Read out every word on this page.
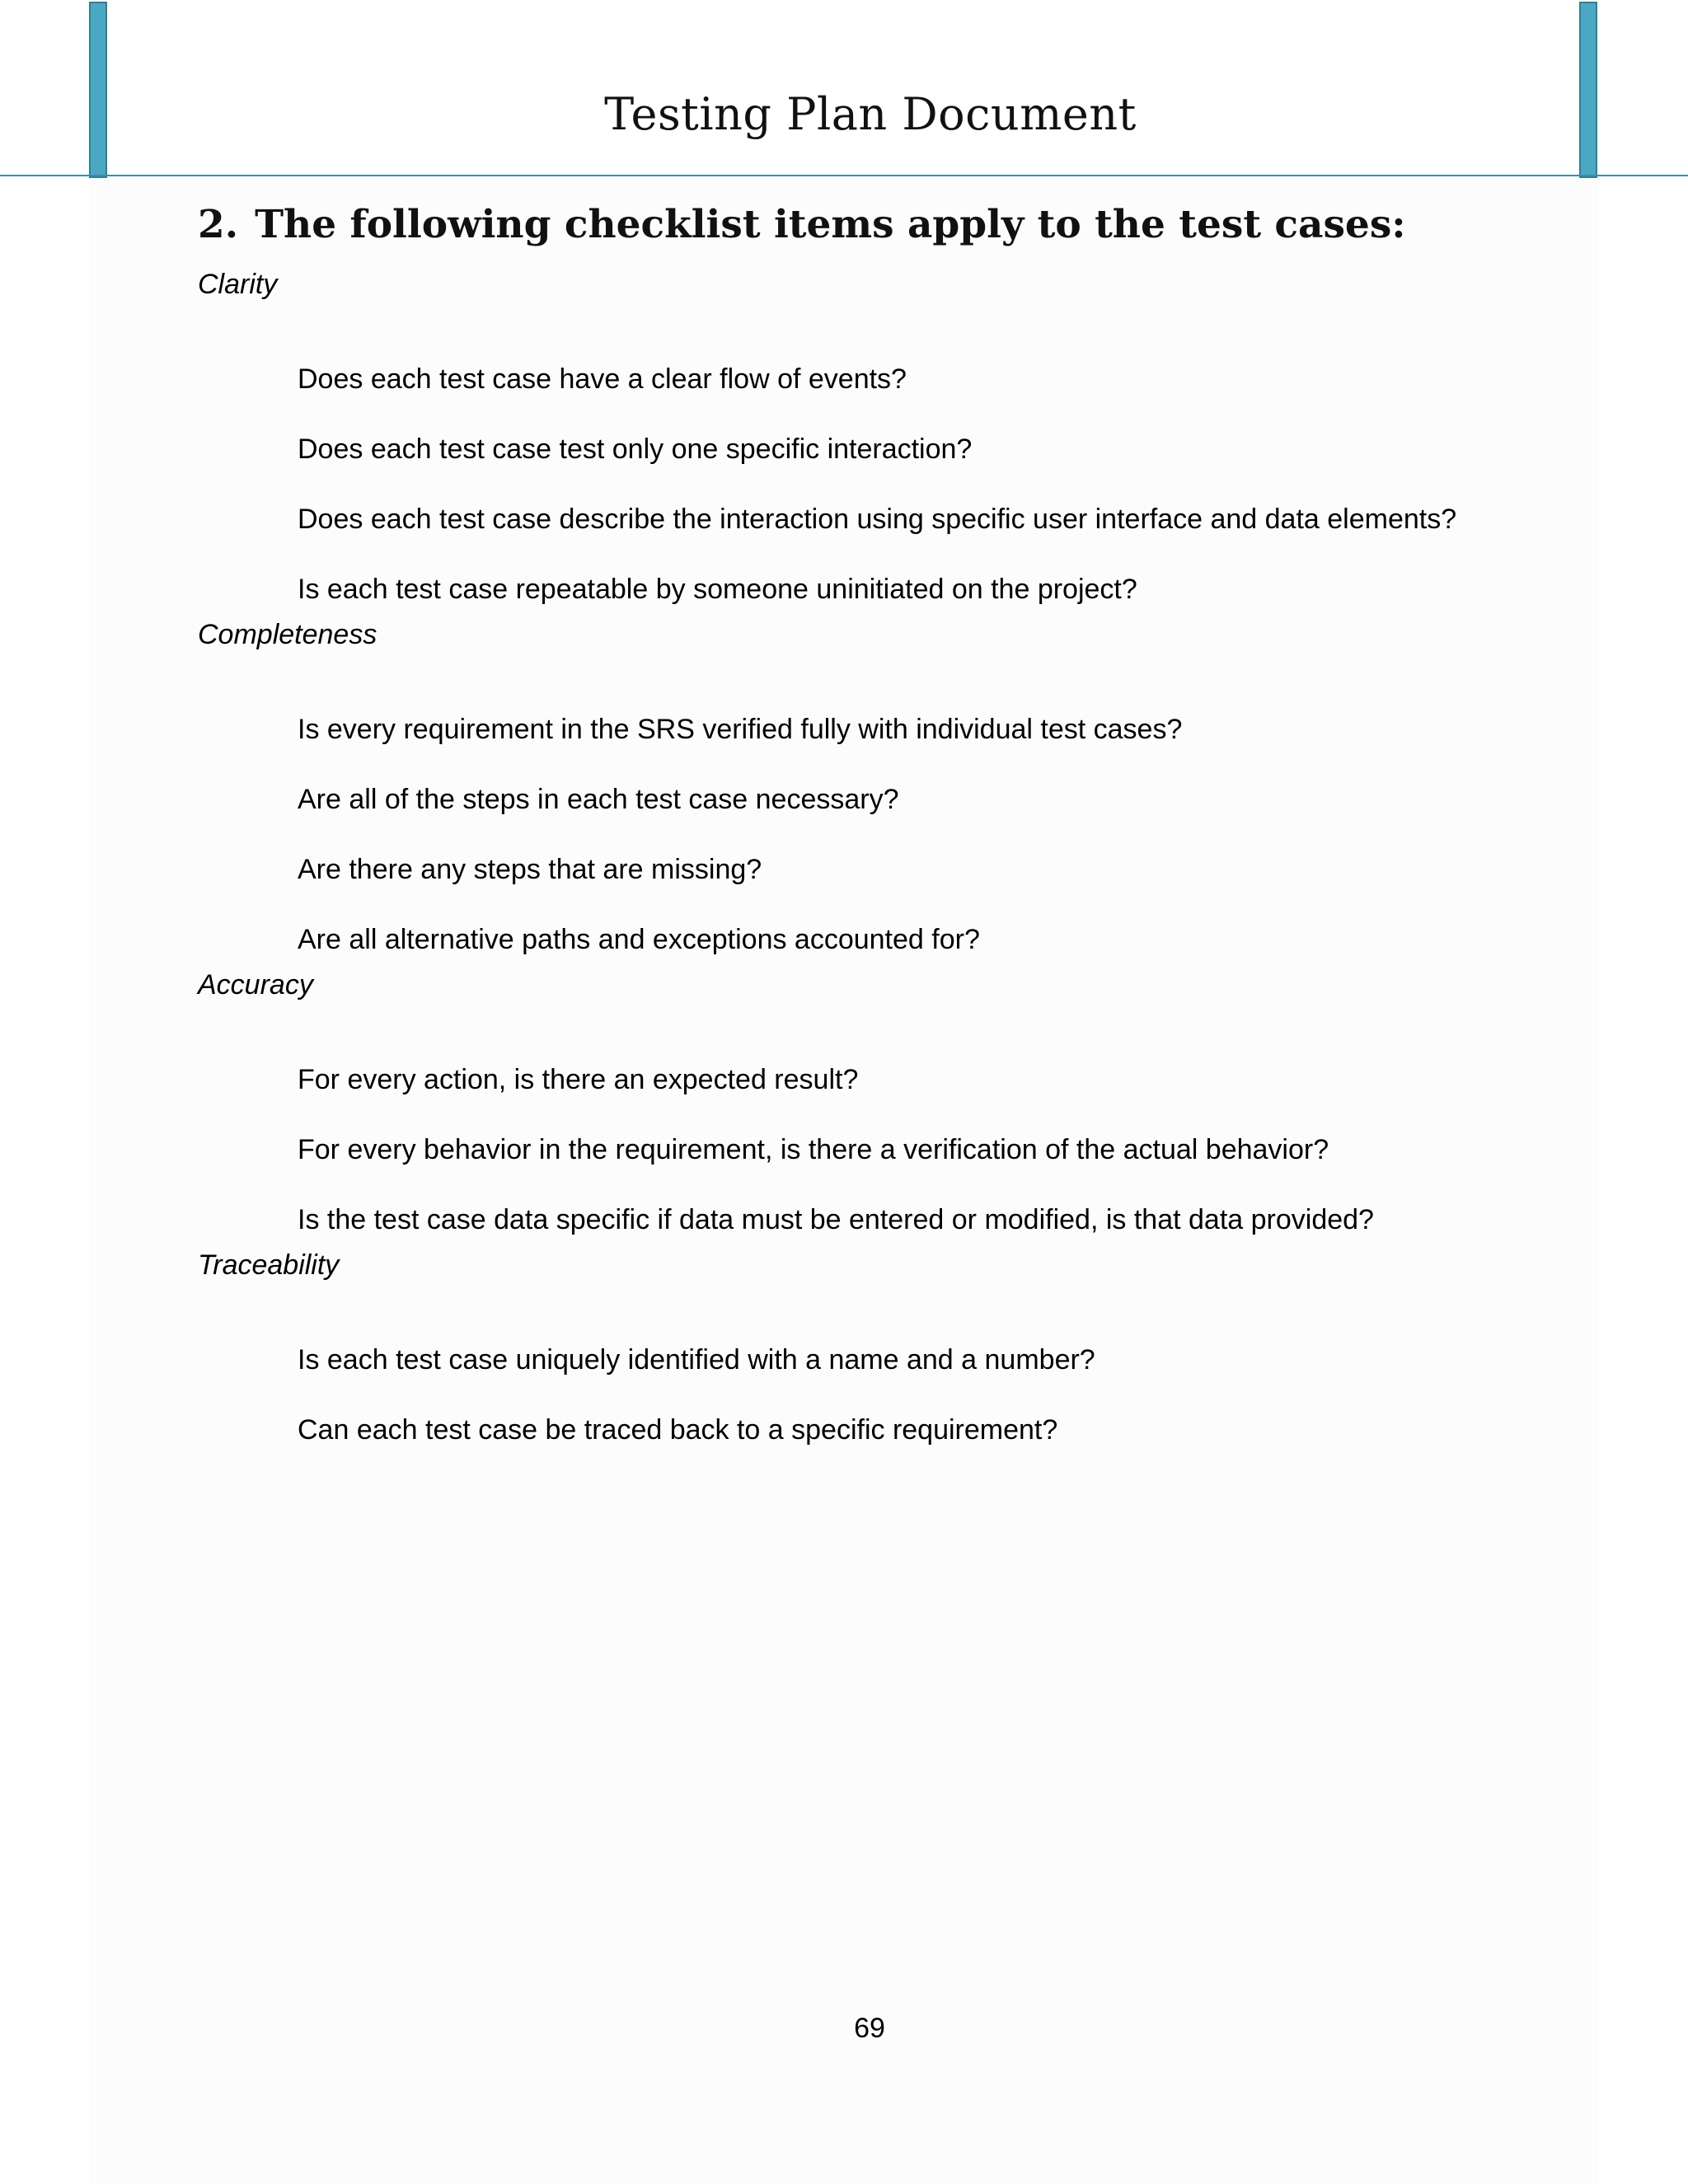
Testing Plan Document
2. The following checklist items apply to the test cases:
Clarity
Does each test case have a clear flow of events?
Does each test case test only one specific interaction?
Does each test case describe the interaction using specific user interface and data elements?
Is each test case repeatable by someone uninitiated on the project?
Completeness
Is every requirement in the SRS verified fully with individual test cases?
Are all of the steps in each test case necessary?
Are there any steps that are missing?
Are all alternative paths and exceptions accounted for?
Accuracy
For every action, is there an expected result?
For every behavior in the requirement, is there a verification of the actual behavior?
Is the test case data specific if data must be entered or modified, is that data provided?
Traceability
Is each test case uniquely identified with a name and a number?
Can each test case be traced back to a specific requirement?
69
